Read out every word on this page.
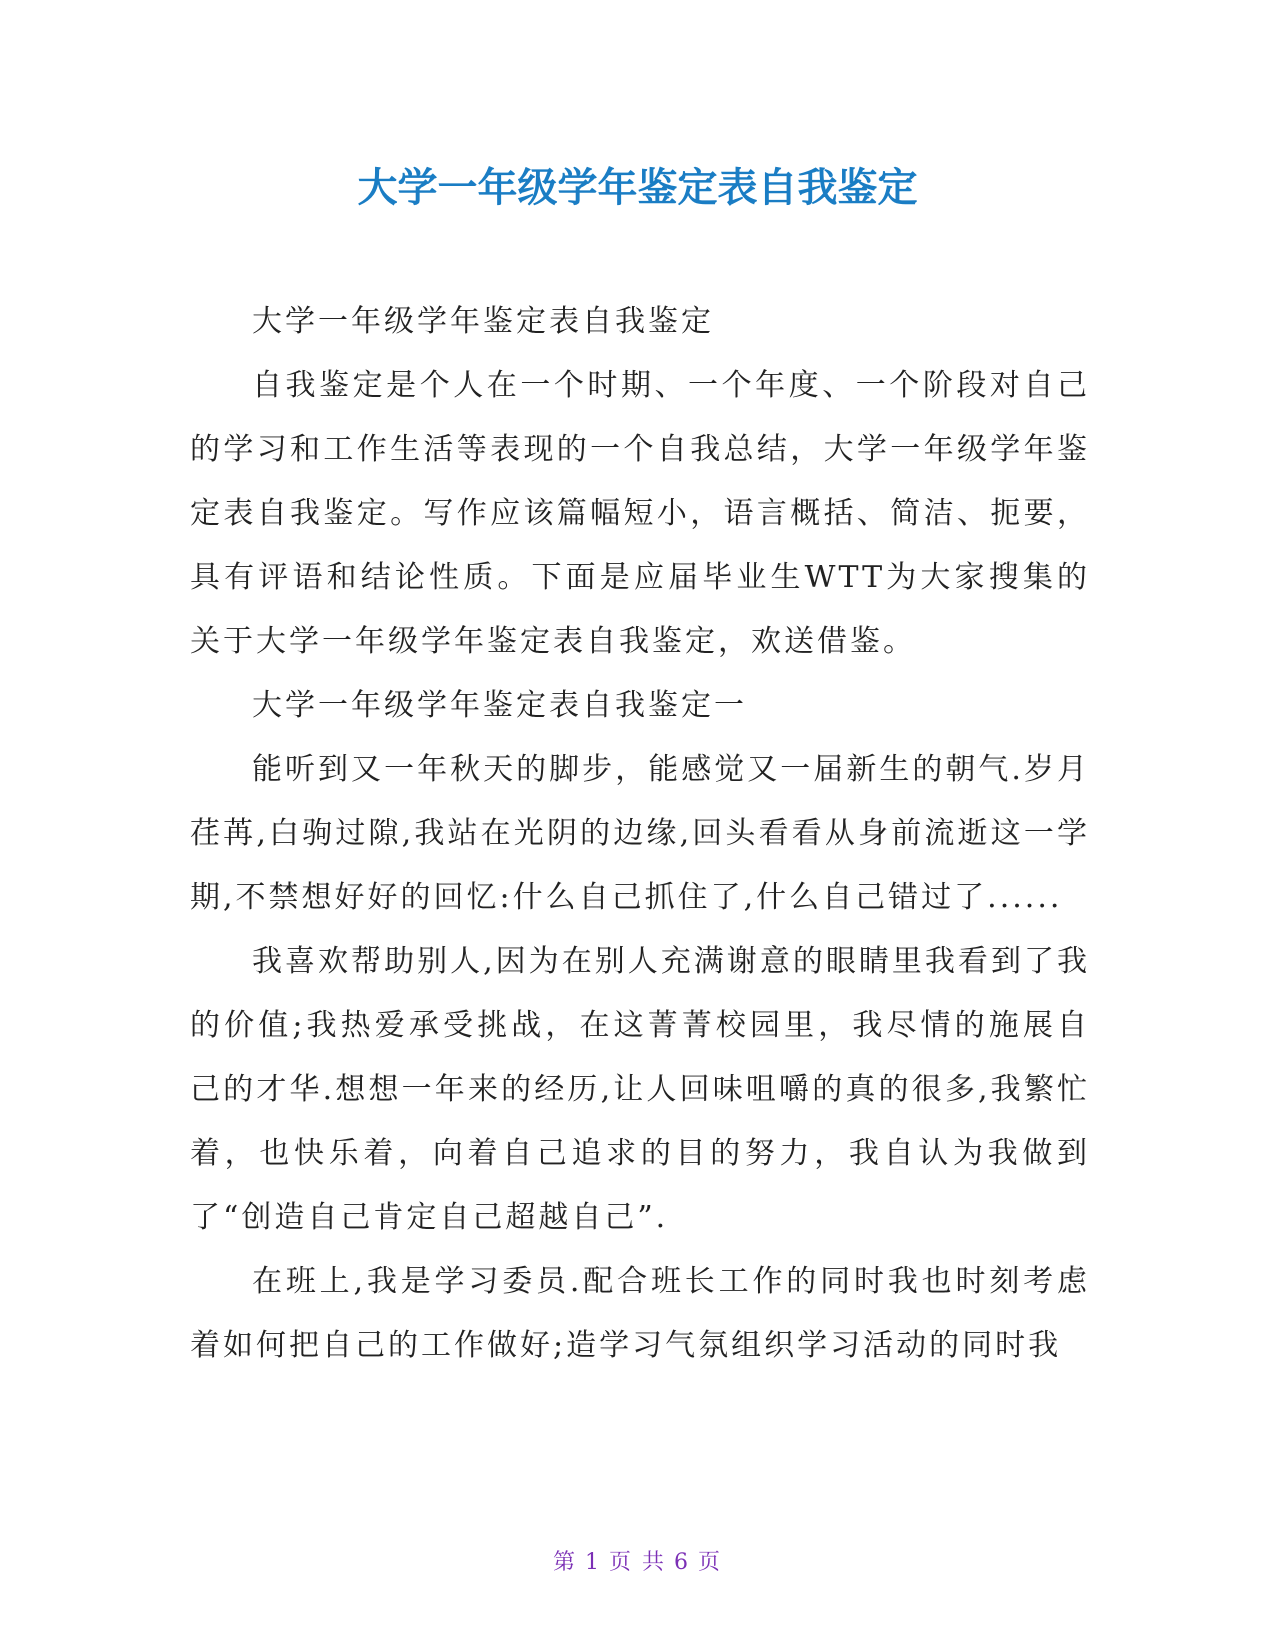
大学一年级学年鉴定表自我鉴定

大学一年级学年鉴定表自我鉴定

自我鉴定是个人在一个时期、一个年度、一个阶段对自己的学习和工作生活等表现的一个自我总结，大学一年级学年鉴定表自我鉴定。写作应该篇幅短小，语言概括、简洁、扼要，具有评语和结论性质。下面是应届毕业生WTT为大家搜集的关于大学一年级学年鉴定表自我鉴定，欢送借鉴。

大学一年级学年鉴定表自我鉴定一

能听到又一年秋天的脚步，能感觉又一届新生的朝气.岁月荏苒,白驹过隙,我站在光阴的边缘,回头看看从身前流逝这一学期,不禁想好好的回忆:什么自己抓住了,什么自己错过了......

我喜欢帮助别人,因为在别人充满谢意的眼睛里我看到了我的价值;我热爱承受挑战，在这菁菁校园里，我尽情的施展自己的才华.想想一年来的经历,让人回味咀嚼的真的很多,我繁忙着，也快乐着，向着自己追求的目的努力，我自认为我做到了“创造自己肯定自己超越自己”.

在班上,我是学习委员.配合班长工作的同时我也时刻考虑着如何把自己的工作做好;造学习气氛组织学习活动的同时我

第 1 页 共 6 页
